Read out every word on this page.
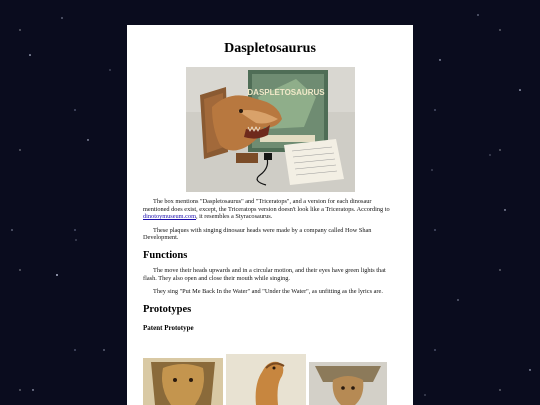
Daspletosaurus
DASPLETOSAURUS

The box mentions "Daspletosaurus" and "Triceratops", and a version for each dinosaur mentioned does exist, except, the Triceratops version doesn't look like a Triceratops. According to dinotoymuseum.com, it resembles a Styracosaurus.

These plaques with singing dinosaur heads were made by a company called How Shan Development.

Functions

The move their heads upwards and in a circular motion, and their eyes have green lights that flash. They also open and close their mouth while singing.

They sing "Put Me Back In the Water" and "Under the Water", as unfitting as the lyrics are.

Prototypes
Patent Prototype
